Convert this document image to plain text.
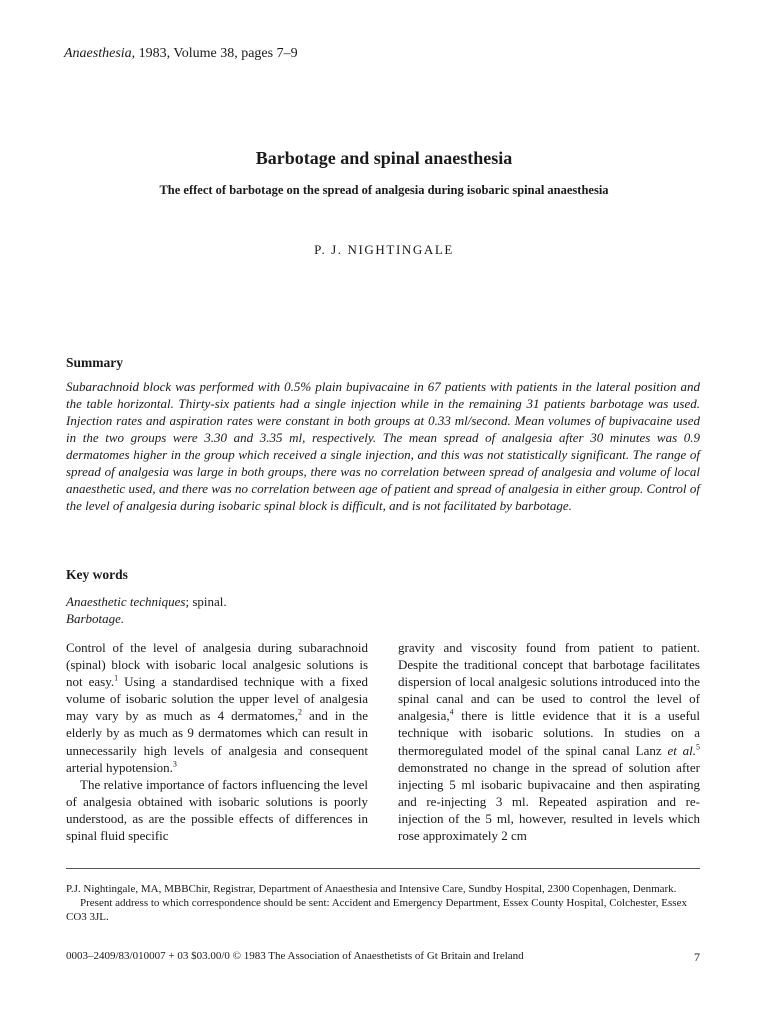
Anaesthesia, 1983, Volume 38, pages 7–9
Barbotage and spinal anaesthesia
The effect of barbotage on the spread of analgesia during isobaric spinal anaesthesia
P. J. NIGHTINGALE
Summary
Subarachnoid block was performed with 0.5% plain bupivacaine in 67 patients with patients in the lateral position and the table horizontal. Thirty-six patients had a single injection while in the remaining 31 patients barbotage was used. Injection rates and aspiration rates were constant in both groups at 0.33 ml/second. Mean volumes of bupivacaine used in the two groups were 3.30 and 3.35 ml, respectively. The mean spread of analgesia after 30 minutes was 0.9 dermatomes higher in the group which received a single injection, and this was not statistically significant. The range of spread of analgesia was large in both groups, there was no correlation between spread of analgesia and volume of local anaesthetic used, and there was no correlation between age of patient and spread of analgesia in either group. Control of the level of analgesia during isobaric spinal block is difficult, and is not facilitated by barbotage.
Key words
Anaesthetic techniques; spinal.
Barbotage.

Control of the level of analgesia during subarachnoid (spinal) block with isobaric local analgesic solutions is not easy.$^1$ Using a standardised technique with a fixed volume of isobaric solution the upper level of analgesia may vary by as much as 4 dermatomes,$^2$ and in the elderly by as much as 9 dermatomes which can result in unnecessarily high levels of analgesia and consequent arterial hypotension.$^3$

The relative importance of factors influencing the level of analgesia obtained with isobaric solutions is poorly understood, as are the possible effects of differences in spinal fluid specific

gravity and viscosity found from patient to patient. Despite the traditional concept that barbotage facilitates dispersion of local analgesic solutions introduced into the spinal canal and can be used to control the level of analgesia,$^4$ there is little evidence that it is a useful technique with isobaric solutions. In studies on a thermoregulated model of the spinal canal Lanz et al.$^5$ demonstrated no change in the spread of solution after injecting 5 ml isobaric bupivacaine and then aspirating and re-injecting 3 ml. Repeated aspiration and re-injection of the 5 ml, however, resulted in levels which rose approximately 2 cm

P.J. Nightingale, MA, MBBChir, Registrar, Department of Anaesthesia and Intensive Care, Sundby Hospital, 2300 Copenhagen, Denmark.

Present address to which correspondence should be sent: Accident and Emergency Department, Essex County Hospital, Colchester, Essex CO3 3JL.

0003–2409/83/010007 + 03 $03.00/0 © 1983 The Association of Anaesthetists of Gt Britain and Ireland	7
